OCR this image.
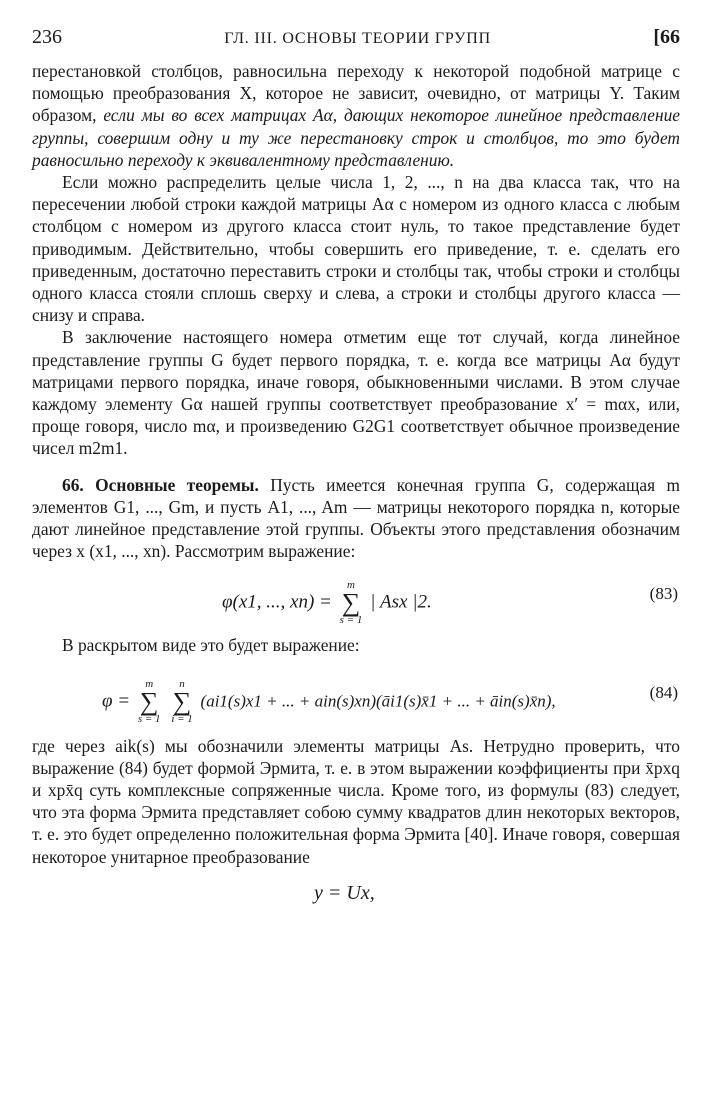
236	ГЛ. III. ОСНОВЫ ТЕОРИИ ГРУПП	[66

перестановкой столбцов, равносильна переходу к некоторой подобной матрице с помощью преобразования X, которое не зависит, очевидно, от матрицы Y. Таким образом, если мы во всех матрицах Aα, дающих некоторое линейное представление группы, совершим одну и ту же перестановку строк и столбцов, то это будет равносильно переходу к эквивалентному представлению.

Если можно распределить целые числа 1, 2, ..., n на два класса так, что на пересечении любой строки каждой матрицы Aα с номером из одного класса с любым столбцом с номером из другого класса стоит нуль, то такое представление будет приводимым. Действительно, чтобы совершить его приведение, т. е. сделать его приведенным, достаточно переставить строки и столбцы так, чтобы строки и столбцы одного класса стояли сплошь сверху и слева, а строки и столбцы другого класса — снизу и справа.

В заключение настоящего номера отметим еще тот случай, когда линейное представление группы G будет первого порядка, т. е. когда все матрицы Aα будут матрицами первого порядка, иначе говоря, обыкновенными числами. В этом случае каждому элементу Gα нашей группы соответствует преобразование x′ = mαx, или, проще говоря, число mα, и произведению G2G1 соответствует обычное произведение чисел m2m1.

66. Основные теоремы. Пусть имеется конечная группа G, содержащая m элементов G1, ..., Gm, и пусть A1, ..., Am — матрицы некоторого порядка n, которые дают линейное представление этой группы. Объекты этого представления обозначим через x (x1, ..., xn). Рассмотрим выражение:

φ(x1, ..., xn) =
m
∑
s = 1
| Asx |2.	(83)

В раскрытом виде это будет выражение:

φ =
m
∑
s = 1

n
∑
i = 1
(ai1(s)x1 + ... + ain(s)xn)(āi1(s)x̄1 + ... + āin(s)x̄n),	(84)

где через aik(s) мы обозначили элементы матрицы As. Нетрудно проверить, что выражение (84) будет формой Эрмита, т. е. в этом выражении коэффициенты при x̄pxq и xpx̄q суть комплексные сопряженные числа. Кроме того, из формулы (83) следует, что эта форма Эрмита представляет собою сумму квадратов длин некоторых векторов, т. е. это будет определенно положительная форма Эрмита [40]. Иначе говоря, совершая некоторое унитарное преобразование

y = Ux,
